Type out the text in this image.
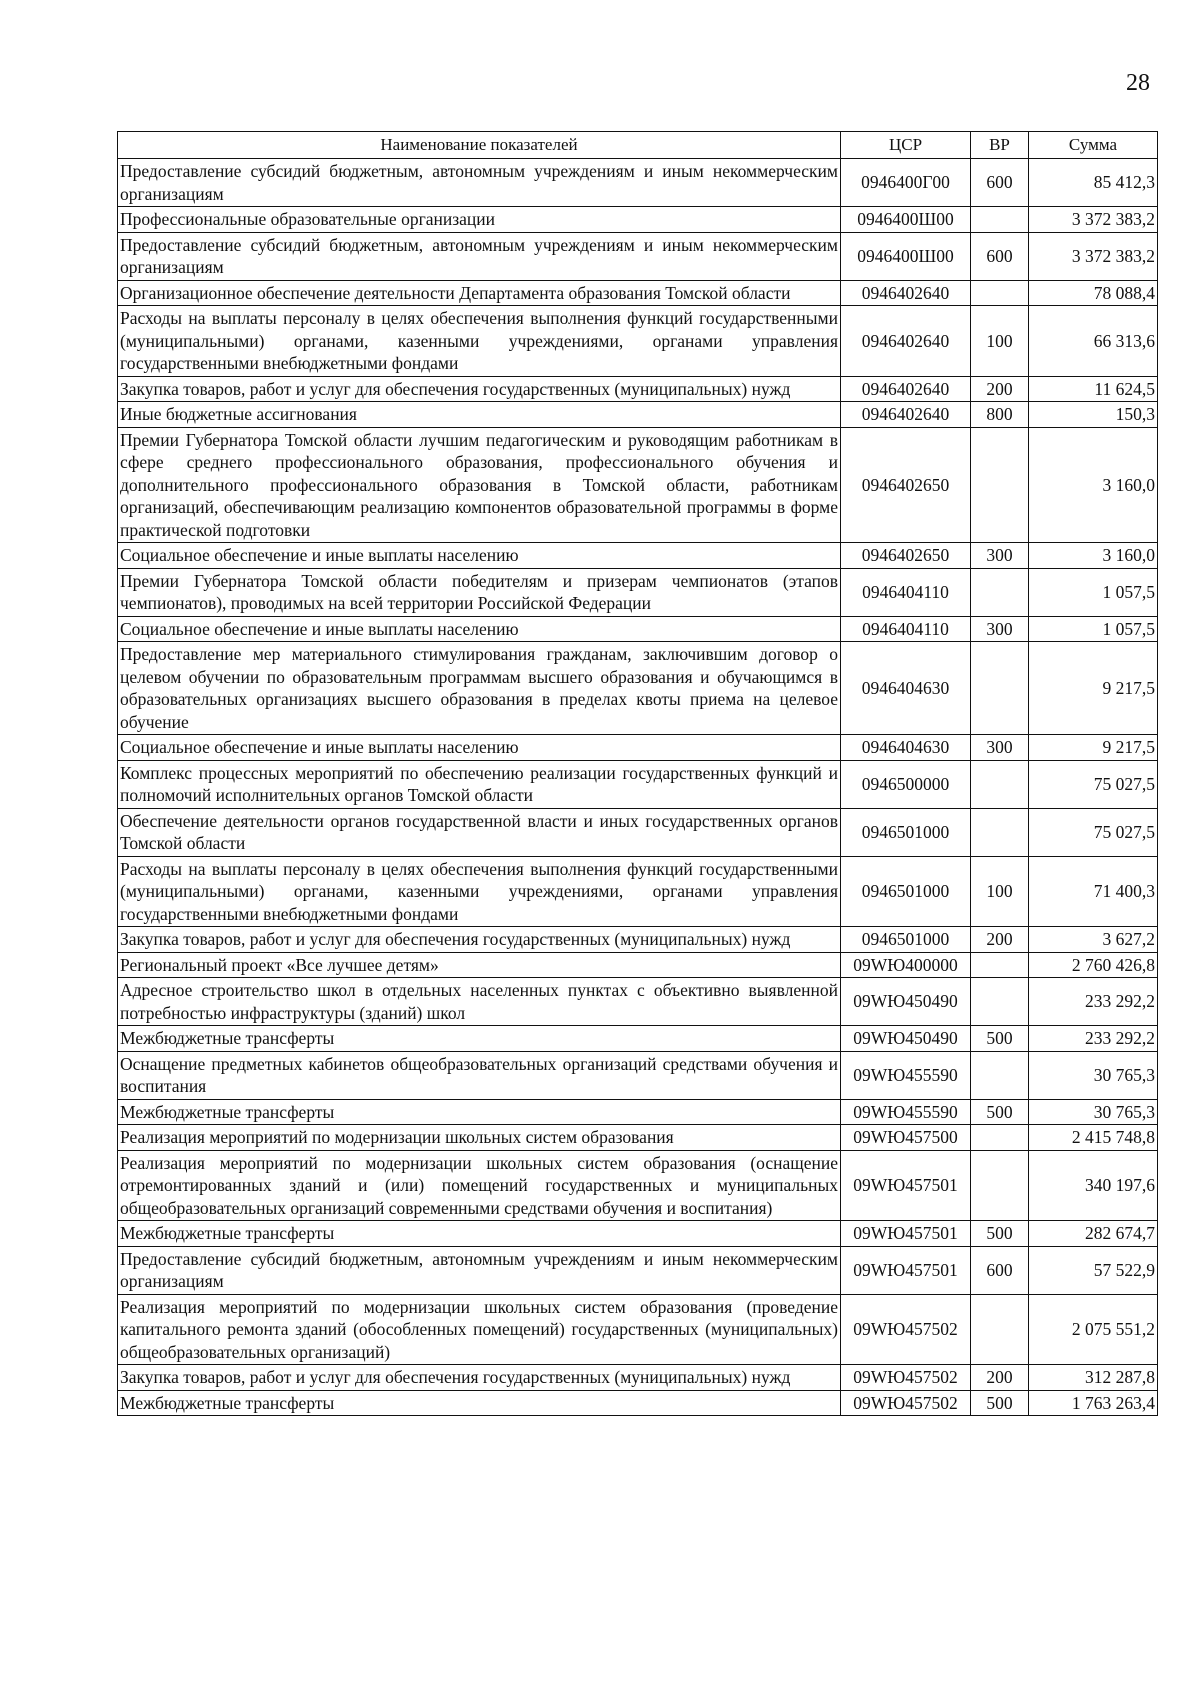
28
Наименование показателей	ЦСР	ВР	Сумма
Предоставление субсидий бюджетным, автономным учреждениям и иным некоммерческим организациям	0946400Г00	600	85 412,3
Профессиональные образовательные организации	0946400Ш00		3 372 383,2
Предоставление субсидий бюджетным, автономным учреждениям и иным некоммерческим организациям	0946400Ш00	600	3 372 383,2
Организационное обеспечение деятельности Департамента образования Томской области	0946402640		78 088,4
Расходы на выплаты персоналу в целях обеспечения выполнения функций государственными (муниципальными) органами, казенными учреждениями, органами управления государственными внебюджетными фондами	0946402640	100	66 313,6
Закупка товаров, работ и услуг для обеспечения государственных (муниципальных) нужд	0946402640	200	11 624,5
Иные бюджетные ассигнования	0946402640	800	150,3
Премии Губернатора Томской области лучшим педагогическим и руководящим работникам в сфере среднего профессионального образования, профессионального обучения и дополнительного профессионального образования в Томской области, работникам организаций, обеспечивающим реализацию компонентов образовательной программы в форме практической подготовки	0946402650		3 160,0
Социальное обеспечение и иные выплаты населению	0946402650	300	3 160,0
Премии Губернатора Томской области победителям и призерам чемпионатов (этапов чемпионатов), проводимых на всей территории Российской Федерации	0946404110		1 057,5
Социальное обеспечение и иные выплаты населению	0946404110	300	1 057,5
Предоставление мер материального стимулирования гражданам, заключившим договор о целевом обучении по образовательным программам высшего образования и обучающимся в образовательных организациях высшего образования в пределах квоты приема на целевое обучение	0946404630		9 217,5
Социальное обеспечение и иные выплаты населению	0946404630	300	9 217,5
Комплекс процессных мероприятий по обеспечению реализации государственных функций и полномочий исполнительных органов Томской области	0946500000		75 027,5
Обеспечение деятельности органов государственной власти и иных государственных органов Томской области	0946501000		75 027,5
Расходы на выплаты персоналу в целях обеспечения выполнения функций государственными (муниципальными) органами, казенными учреждениями, органами управления государственными внебюджетными фондами	0946501000	100	71 400,3
Закупка товаров, работ и услуг для обеспечения государственных (муниципальных) нужд	0946501000	200	3 627,2
Региональный проект «Все лучшее детям»	09WЮ400000		2 760 426,8
Адресное строительство школ в отдельных населенных пунктах с объективно выявленной потребностью инфраструктуры (зданий) школ	09WЮ450490		233 292,2
Межбюджетные трансферты	09WЮ450490	500	233 292,2
Оснащение предметных кабинетов общеобразовательных организаций средствами обучения и воспитания	09WЮ455590		30 765,3
Межбюджетные трансферты	09WЮ455590	500	30 765,3
Реализация мероприятий по модернизации школьных систем образования	09WЮ457500		2 415 748,8
Реализация мероприятий по модернизации школьных систем образования (оснащение отремонтированных зданий и (или) помещений государственных и муниципальных общеобразовательных организаций современными средствами обучения и воспитания)	09WЮ457501		340 197,6
Межбюджетные трансферты	09WЮ457501	500	282 674,7
Предоставление субсидий бюджетным, автономным учреждениям и иным некоммерческим организациям	09WЮ457501	600	57 522,9
Реализация мероприятий по модернизации школьных систем образования (проведение капитального ремонта зданий (обособленных помещений) государственных (муниципальных) общеобразовательных организаций)	09WЮ457502		2 075 551,2
Закупка товаров, работ и услуг для обеспечения государственных (муниципальных) нужд	09WЮ457502	200	312 287,8
Межбюджетные трансферты	09WЮ457502	500	1 763 263,4
